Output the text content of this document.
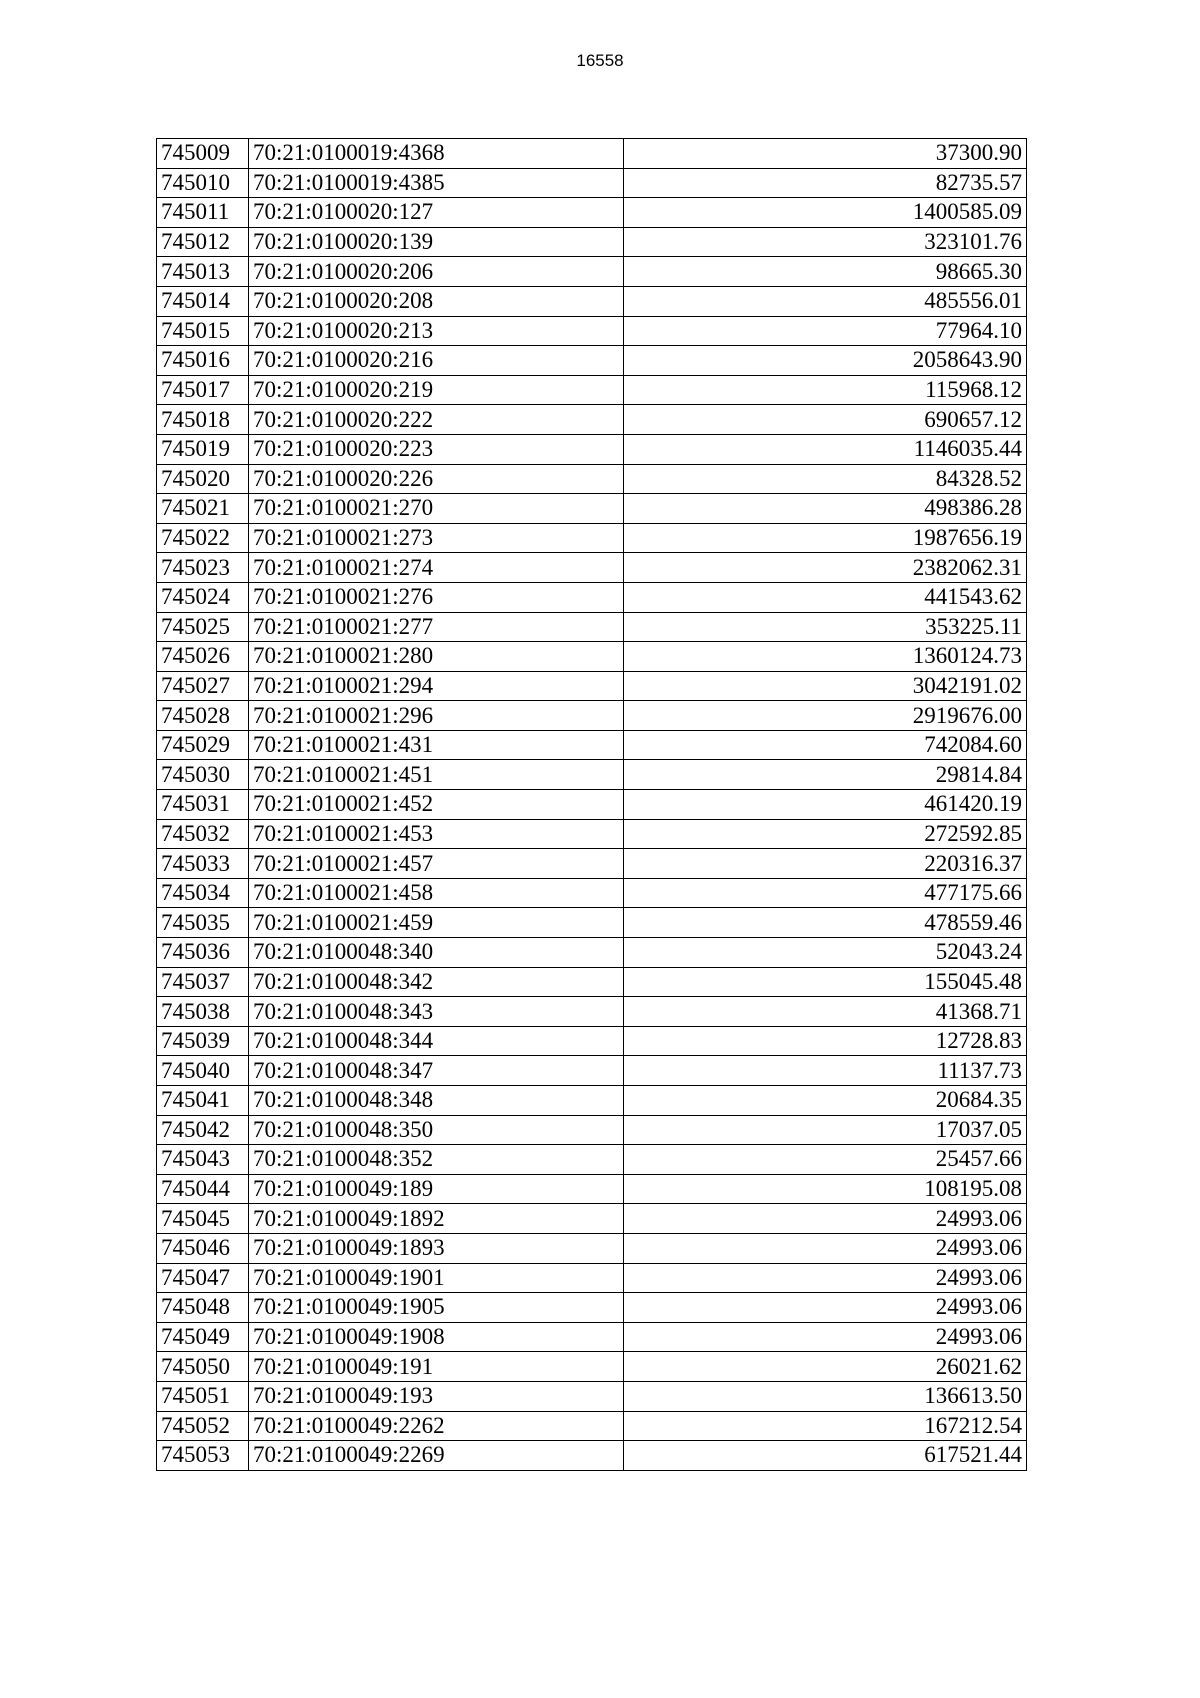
16558
745009	70:21:0100019:4368	37300.90
745010	70:21:0100019:4385	82735.57
745011	70:21:0100020:127	1400585.09
745012	70:21:0100020:139	323101.76
745013	70:21:0100020:206	98665.30
745014	70:21:0100020:208	485556.01
745015	70:21:0100020:213	77964.10
745016	70:21:0100020:216	2058643.90
745017	70:21:0100020:219	115968.12
745018	70:21:0100020:222	690657.12
745019	70:21:0100020:223	1146035.44
745020	70:21:0100020:226	84328.52
745021	70:21:0100021:270	498386.28
745022	70:21:0100021:273	1987656.19
745023	70:21:0100021:274	2382062.31
745024	70:21:0100021:276	441543.62
745025	70:21:0100021:277	353225.11
745026	70:21:0100021:280	1360124.73
745027	70:21:0100021:294	3042191.02
745028	70:21:0100021:296	2919676.00
745029	70:21:0100021:431	742084.60
745030	70:21:0100021:451	29814.84
745031	70:21:0100021:452	461420.19
745032	70:21:0100021:453	272592.85
745033	70:21:0100021:457	220316.37
745034	70:21:0100021:458	477175.66
745035	70:21:0100021:459	478559.46
745036	70:21:0100048:340	52043.24
745037	70:21:0100048:342	155045.48
745038	70:21:0100048:343	41368.71
745039	70:21:0100048:344	12728.83
745040	70:21:0100048:347	11137.73
745041	70:21:0100048:348	20684.35
745042	70:21:0100048:350	17037.05
745043	70:21:0100048:352	25457.66
745044	70:21:0100049:189	108195.08
745045	70:21:0100049:1892	24993.06
745046	70:21:0100049:1893	24993.06
745047	70:21:0100049:1901	24993.06
745048	70:21:0100049:1905	24993.06
745049	70:21:0100049:1908	24993.06
745050	70:21:0100049:191	26021.62
745051	70:21:0100049:193	136613.50
745052	70:21:0100049:2262	167212.54
745053	70:21:0100049:2269	617521.44
